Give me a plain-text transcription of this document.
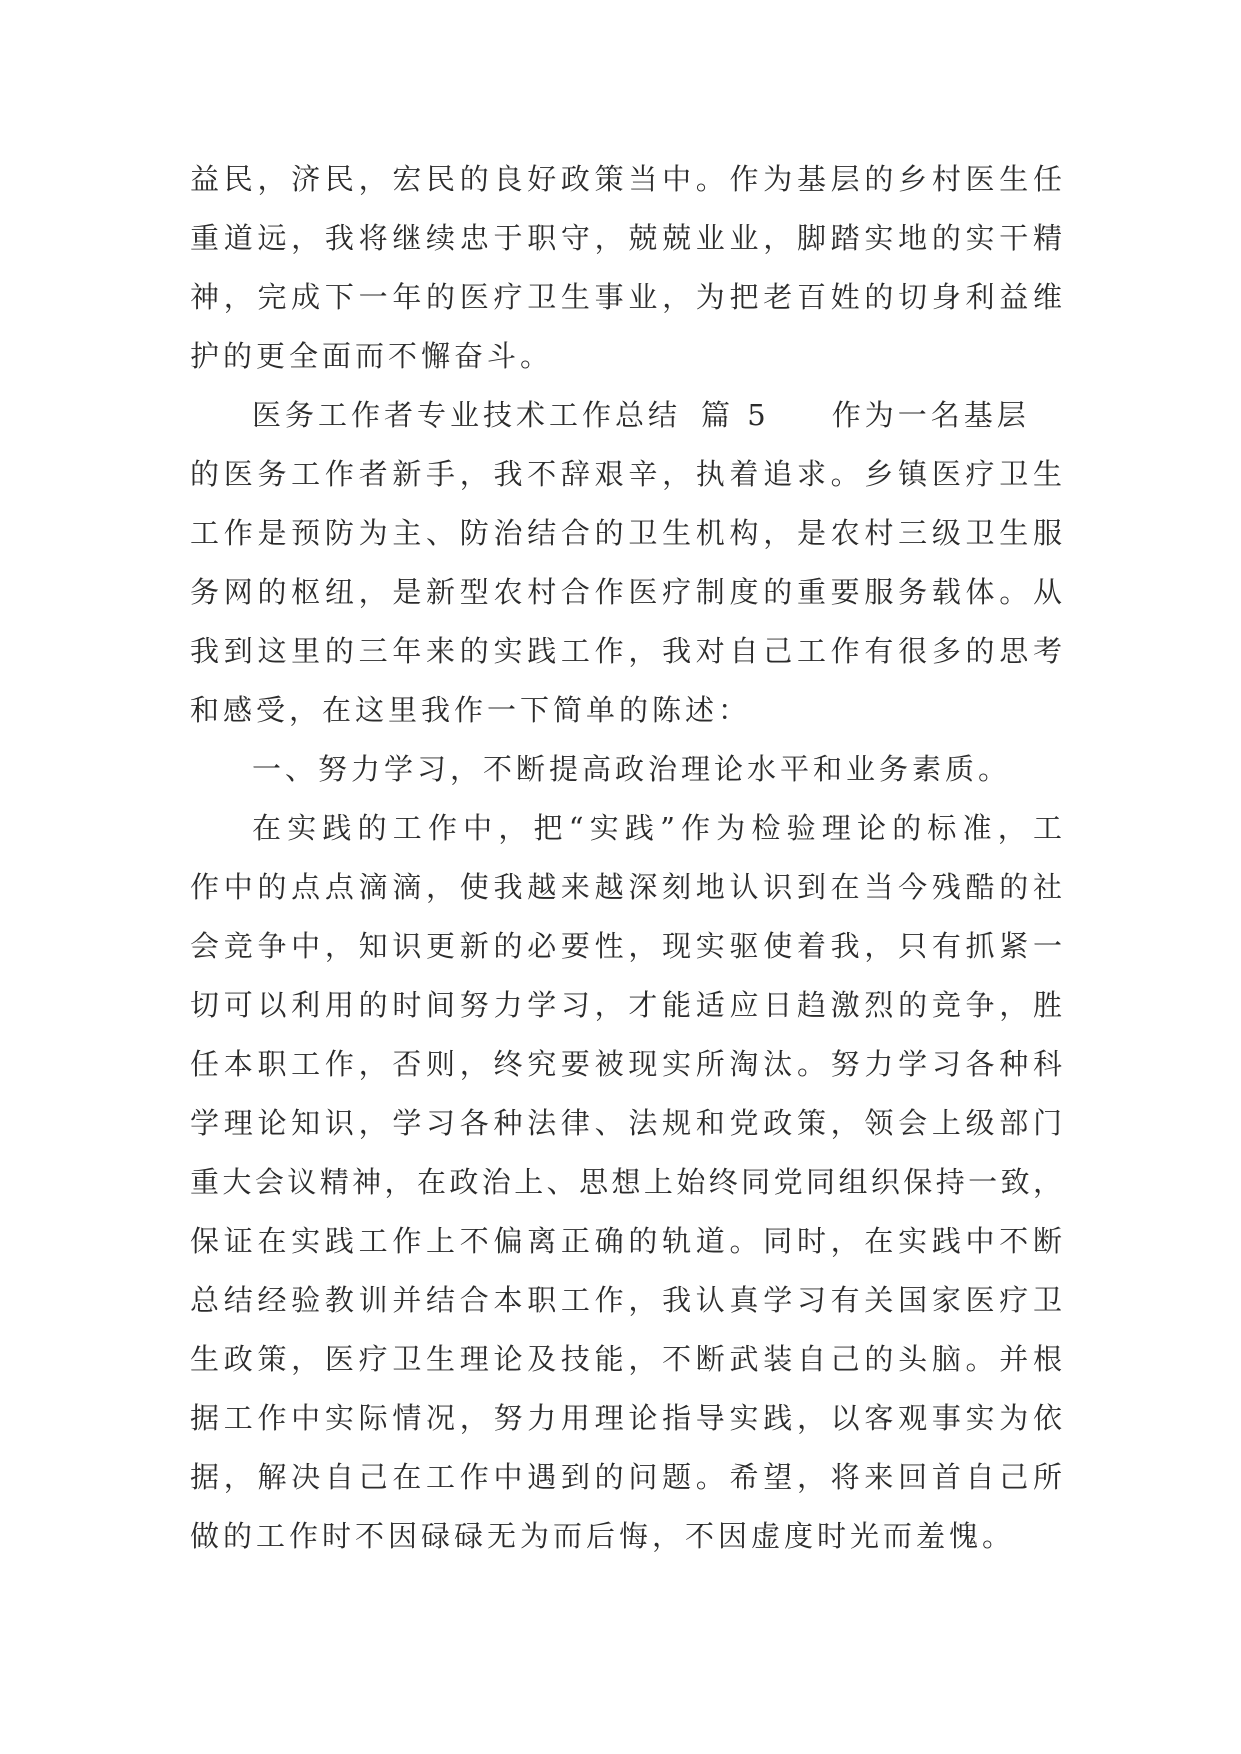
益民，济民，宏民的良好政策当中。作为基层的乡村医生任
重道远，我将继续忠于职守，兢兢业业，脚踏实地的实干精
神，完成下一年的医疗卫生事业，为把老百姓的切身利益维
护的更全面而不懈奋斗。
医务工作者专业技术工作总结 篇 5 作为一名基层
的医务工作者新手，我不辞艰辛，执着追求。乡镇医疗卫生
工作是预防为主、防治结合的卫生机构，是农村三级卫生服
务网的枢纽，是新型农村合作医疗制度的重要服务载体。从
我到这里的三年来的实践工作，我对自己工作有很多的思考
和感受，在这里我作一下简单的陈述：
一、努力学习，不断提高政治理论水平和业务素质。
在实践的工作中，把“实践”作为检验理论的标准，工
作中的点点滴滴，使我越来越深刻地认识到在当今残酷的社
会竞争中，知识更新的必要性，现实驱使着我，只有抓紧一
切可以利用的时间努力学习，才能适应日趋激烈的竞争，胜
任本职工作，否则，终究要被现实所淘汰。努力学习各种科
学理论知识，学习各种法律、法规和党政策，领会上级部门
重大会议精神，在政治上、思想上始终同党同组织保持一致，
保证在实践工作上不偏离正确的轨道。同时，在实践中不断
总结经验教训并结合本职工作，我认真学习有关国家医疗卫
生政策，医疗卫生理论及技能，不断武装自己的头脑。并根
据工作中实际情况，努力用理论指导实践，以客观事实为依
据，解决自己在工作中遇到的问题。希望，将来回首自己所
做的工作时不因碌碌无为而后悔，不因虚度时光而羞愧。
